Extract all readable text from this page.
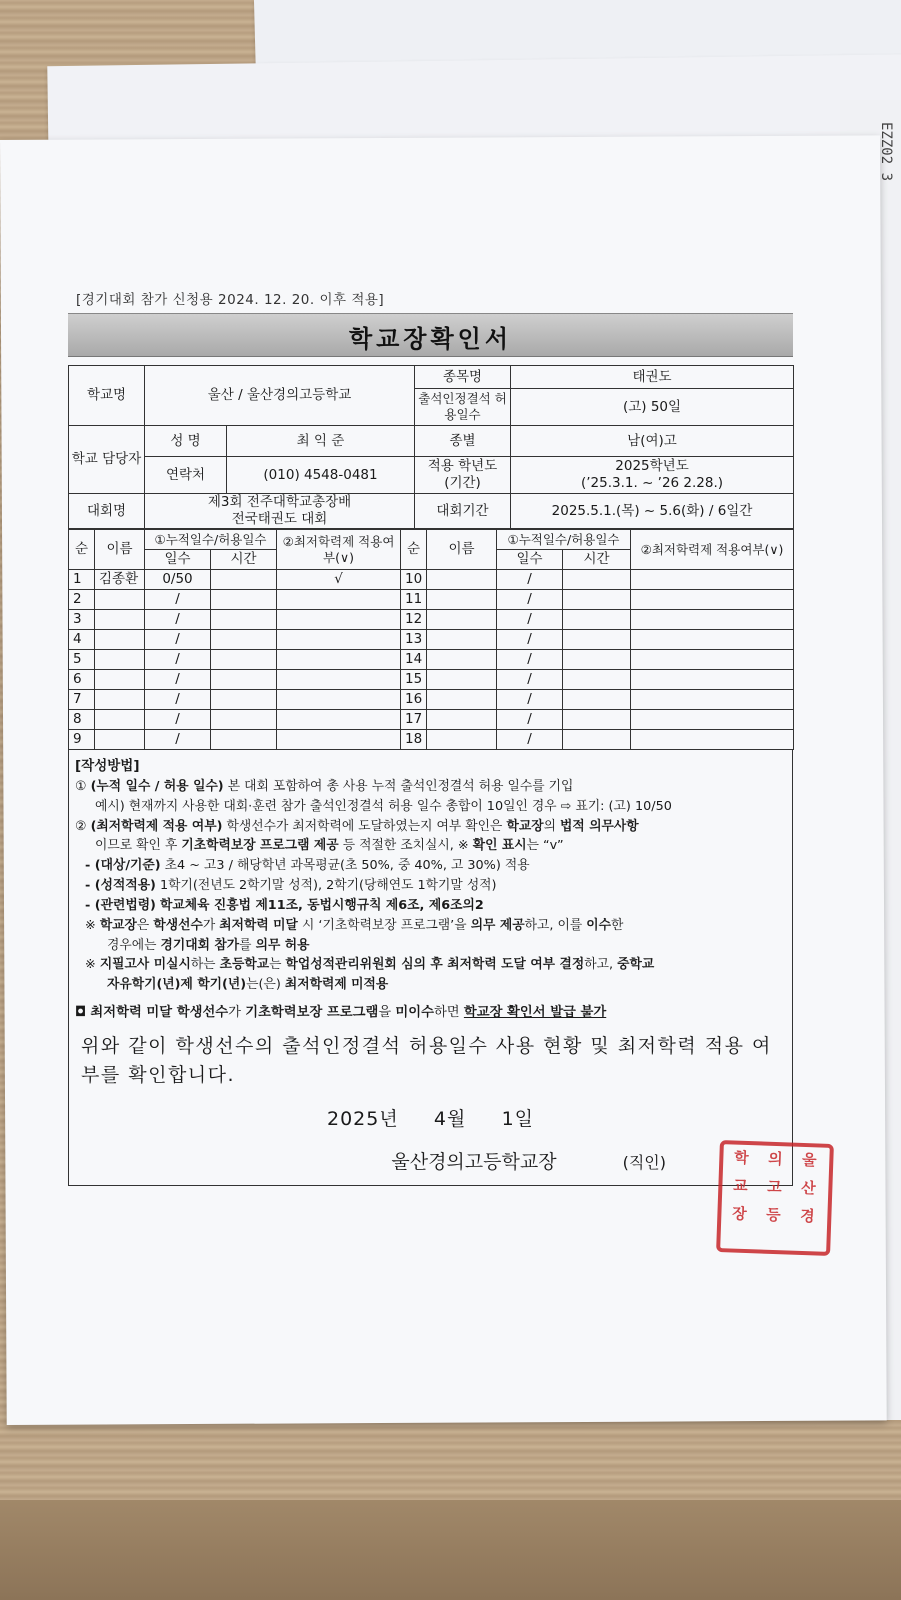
ЕZZ02 3
[경기대회 참가 신청용 2024. 12. 20. 이후 적용]
학교장확인서
학교명	울산 / 울산경의고등학교		종목명	태권도
			출석인정결석 허용일수	(고) 50일
학교 담당자	성 명	최 익 준	종별	남(여)고
	연락처	(010) 4548-0481	적용 학년도 (기간)	2025학년도
(’25.3.1. ~ ’26 2.28.)

대회명	제3회 전주대학교총장배
전국태권도 대회		대회기간	2025.5.1.(목) ~ 5.6(화) / 6일간
순	이름	①누적일수/허용일수		②최저학력제 적용여부(∨)	순	이름	①누적일수/허용일수		②최저학력제 적용여부(∨)
		일수	시간				일수	시간	
1	김종환	0/50		√	10		/		
2		/			11		/		
3		/			12		/		
4		/			13		/		
5		/			14		/		
6		/			15		/		
7		/			16		/		
8		/			17		/		
9		/			18		/		
[작성방법]
① (누적 일수 / 허용 일수) 본 대회 포함하여 총 사용 누적 출석인정결석 허용 일수를 기입
예시) 현재까지 사용한 대회·훈련 참가 출석인정결석 허용 일수 총합이 10일인 경우 ⇨ 표기: (고) 10/50
② (최저학력제 적용 여부) 학생선수가 최저학력에 도달하였는지 여부 확인은 학교장의 법적 의무사항
이므로 확인 후 기초학력보장 프로그램 제공 등 적절한 조치실시, ※ 확인 표시는 “v”
- (대상/기준) 초4 ~ 고3 / 해당학년 과목평균(초 50%, 중 40%, 고 30%) 적용
- (성적적용) 1학기(전년도 2학기말 성적), 2학기(당해연도 1학기말 성적)
- (관련법령) 학교체육 진흥법 제11조, 동법시행규칙 제6조, 제6조의2
※ 학교장은 학생선수가 최저학력 미달 시 ‘기초학력보장 프로그램’을 의무 제공하고, 이를 이수한
경우에는 경기대회 참가를 의무 허용
※ 지필고사 미실시하는 초등학교는 학업성적관리위원회 심의 후 최저학력 도달 여부 결정하고, 중학교
자유학기(년)제 학기(년)는(은) 최저학력제 미적용
◘ 최저학력 미달 학생선수가 기초학력보장 프로그램을 미이수하면 학교장 확인서 발급 불가
위와 같이 학생선수의 출석인정결석 허용일수 사용 현황 및 최저학력 적용 여부를 확인합니다.
2025년 4월 1일
울산경의고등학교장	(직인)	울
산
경
의
고
등
학
교
장
